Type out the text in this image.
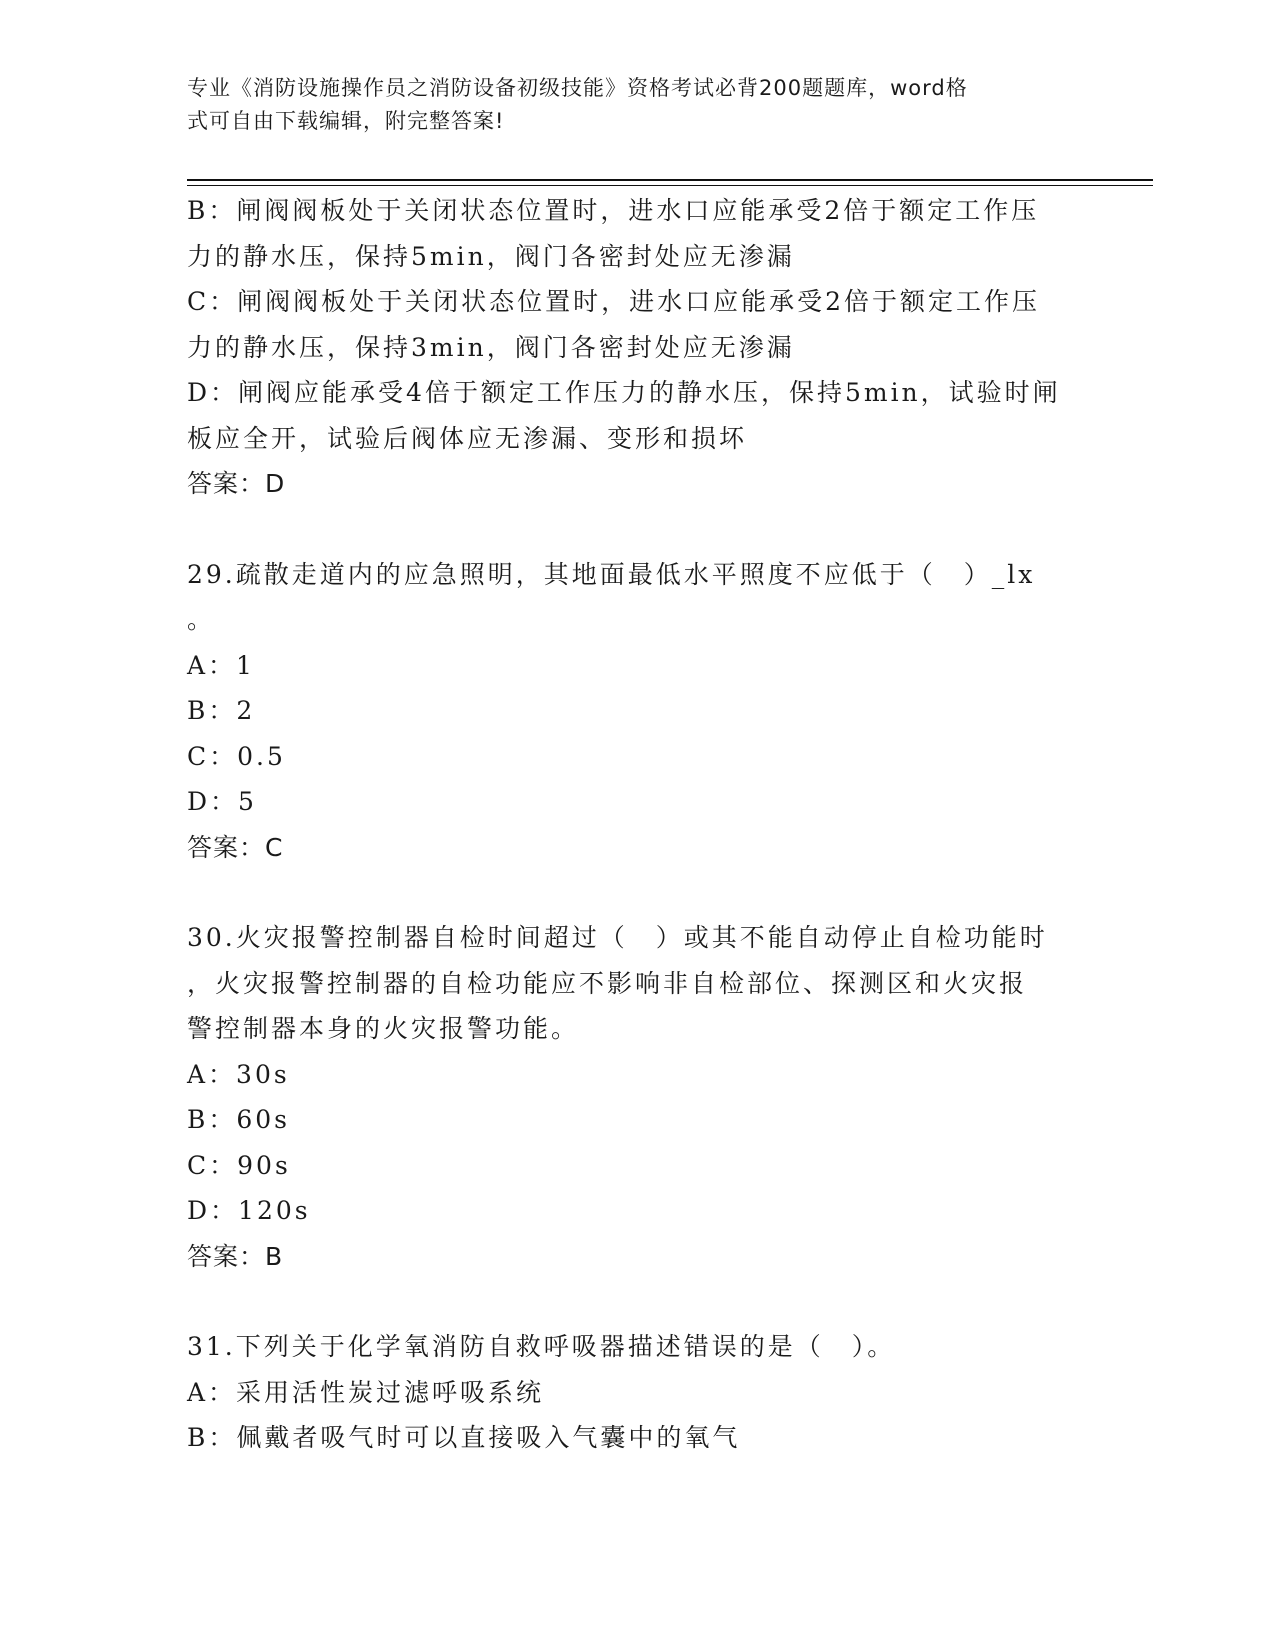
专业《消防设施操作员之消防设备初级技能》资格考试必背200题题库，word格
式可自由下载编辑，附完整答案!
B：闸阀阀板处于关闭状态位置时，进水口应能承受2倍于额定工作压
力的静水压，保持5min，阀门各密封处应无渗漏
C：闸阀阀板处于关闭状态位置时，进水口应能承受2倍于额定工作压
力的静水压，保持3min，阀门各密封处应无渗漏
D：闸阀应能承受4倍于额定工作压力的静水压，保持5min，试验时闸
板应全开，试验后阀体应无渗漏、变形和损坏
答案：D
29.疏散走道内的应急照明，其地面最低水平照度不应低于（　）_lx
。
A：1
B：2
C：0.5
D：5
答案：C
30.火灾报警控制器自检时间超过（　）或其不能自动停止自检功能时
，火灾报警控制器的自检功能应不影响非自检部位、探测区和火灾报
警控制器本身的火灾报警功能。
A：30s
B：60s
C：90s
D：120s
答案：B
31.下列关于化学氧消防自救呼吸器描述错误的是（　）。
A：采用活性炭过滤呼吸系统
B：佩戴者吸气时可以直接吸入气囊中的氧气
